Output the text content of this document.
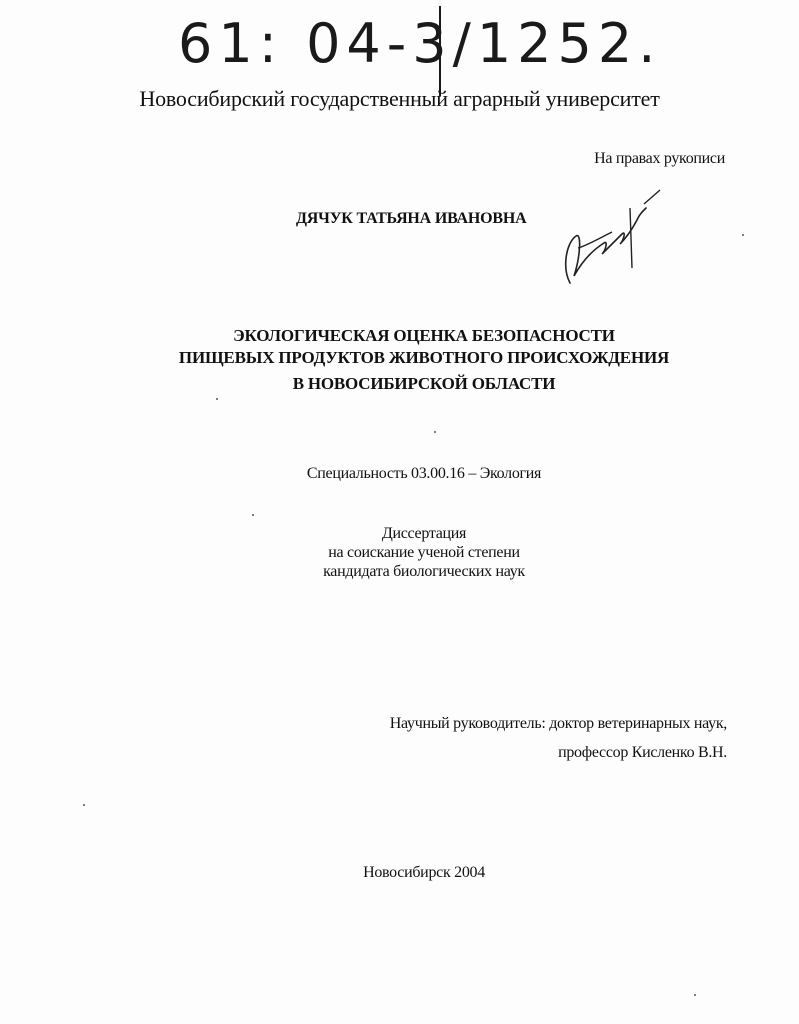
61: 04-3/1252.
Новосибирский государственный аграрный университет
На правах рукописи
ДЯЧУК ТАТЬЯНА ИВАНОВНА
ЭКОЛОГИЧЕСКАЯ ОЦЕНКА БЕЗОПАСНОСТИ
ПИЩЕВЫХ ПРОДУКТОВ ЖИВОТНОГО ПРОИСХОЖДЕНИЯ
В НОВОСИБИРСКОЙ ОБЛАСТИ
Специальность 03.00.16 – Экология
Диссертация
на соискание ученой степени
кандидата биологических наук
Научный руководитель: доктор ветеринарных наук,
профессор Кисленко В.Н.
Новосибирск 2004
